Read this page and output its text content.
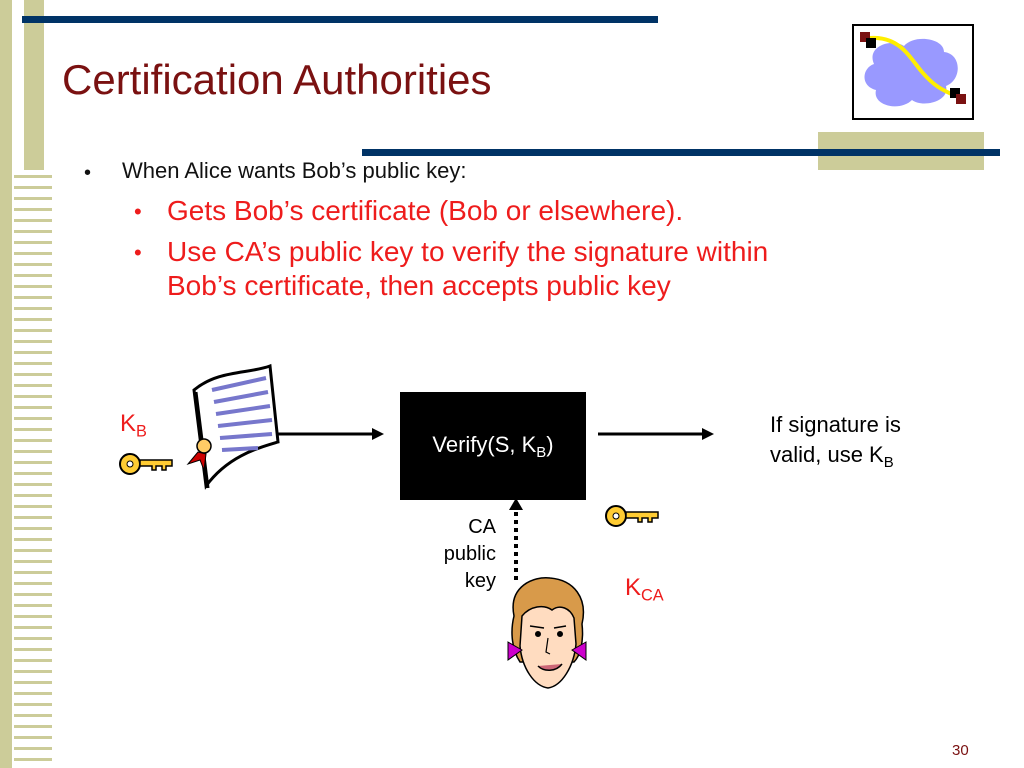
Certification Authorities
• When Alice wants Bob’s public key:
• Gets Bob’s certificate (Bob or elsewhere).
• Use CA’s public key to verify the signature within
Bob’s certificate, then accepts public key
$K_B$
Verify(S, $K_B$)
If signature is
valid, use $K_B$
CA
public
key	$K_{CA}$
30
